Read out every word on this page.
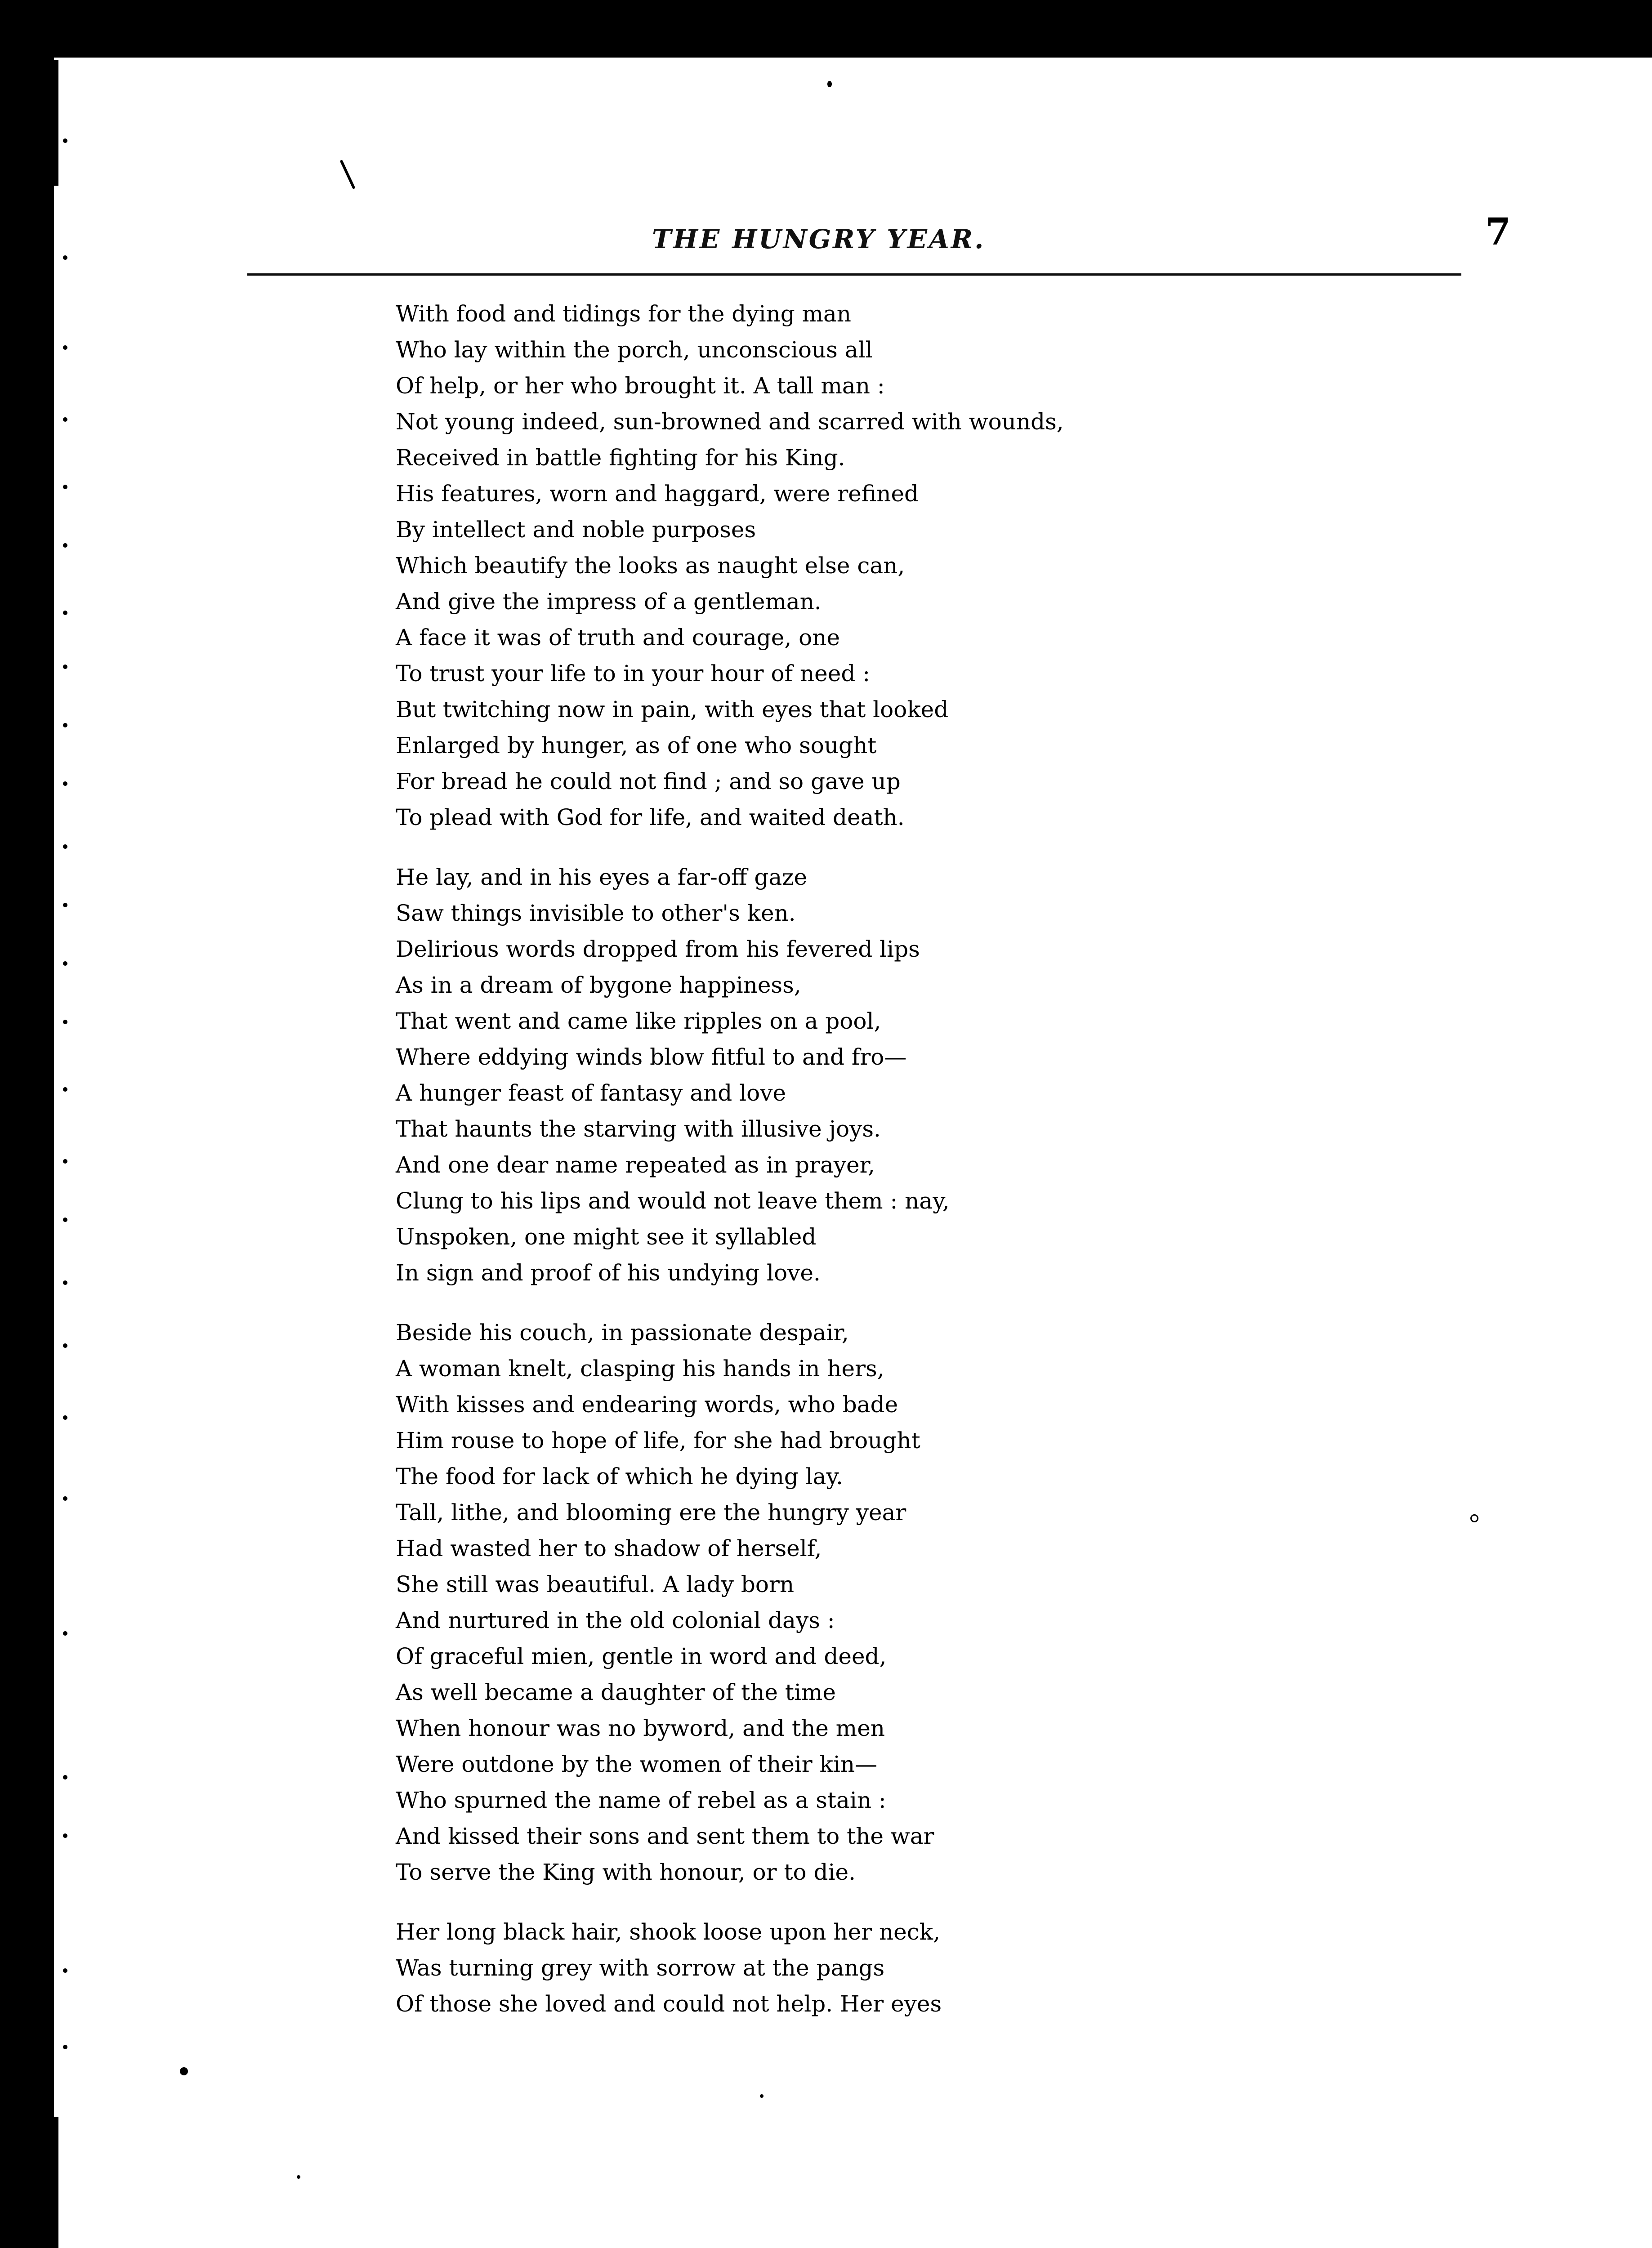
THE HUNGRY YEAR.	7
With food and tidings for the dying man
Who lay within the porch, unconscious all
Of help, or her who brought it. A tall man :
Not young indeed, sun-browned and scarred with wounds,
Received in battle fighting for his King.
His features, worn and haggard, were refined
By intellect and noble purposes
Which beautify the looks as naught else can,
And give the impress of a gentleman.
A face it was of truth and courage, one
To trust your life to in your hour of need :
But twitching now in pain, with eyes that looked
Enlarged by hunger, as of one who sought
For bread he could not find ; and so gave up
To plead with God for life, and waited death.
He lay, and in his eyes a far-off gaze
Saw things invisible to other's ken.
Delirious words dropped from his fevered lips
As in a dream of bygone happiness,
That went and came like ripples on a pool,
Where eddying winds blow fitful to and fro—
A hunger feast of fantasy and love
That haunts the starving with illusive joys.
And one dear name repeated as in prayer,
Clung to his lips and would not leave them : nay,
Unspoken, one might see it syllabled
In sign and proof of his undying love.
Beside his couch, in passionate despair,
A woman knelt, clasping his hands in hers,
With kisses and endearing words, who bade
Him rouse to hope of life, for she had brought
The food for lack of which he dying lay.
Tall, lithe, and blooming ere the hungry year
Had wasted her to shadow of herself,
She still was beautiful. A lady born
And nurtured in the old colonial days :
Of graceful mien, gentle in word and deed,
As well became a daughter of the time
When honour was no byword, and the men
Were outdone by the women of their kin—
Who spurned the name of rebel as a stain :
And kissed their sons and sent them to the war
To serve the King with honour, or to die.
Her long black hair, shook loose upon her neck,
Was turning grey with sorrow at the pangs
Of those she loved and could not help. Her eyes
